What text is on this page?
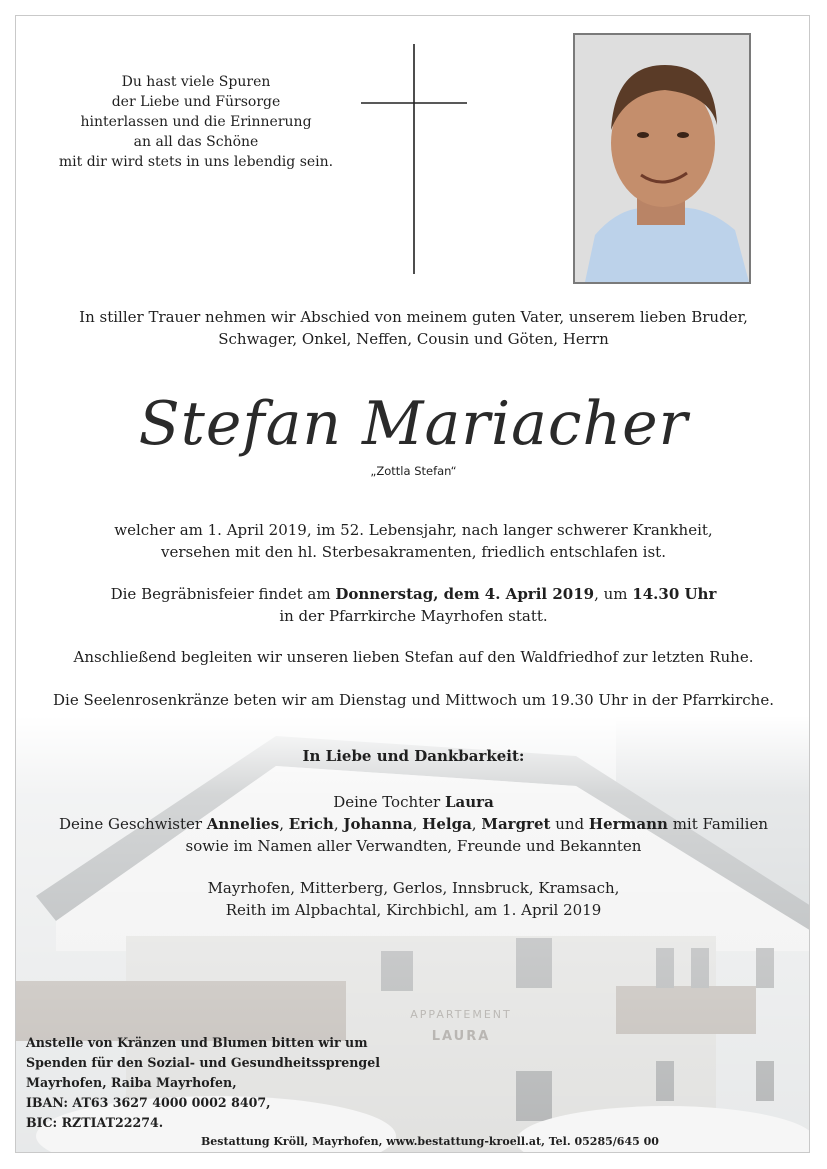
Du hast viele Spuren
der Liebe und Fürsorge
hinterlassen und die Erinnerung
an all das Schöne
mit dir wird stets in uns lebendig sein.
In stiller Trauer nehmen wir Abschied von meinem guten Vater, unserem lieben Bruder,
Schwager, Onkel, Neffen, Cousin und Göten, Herrn
Stefan Mariacher
„Zottla Stefan“
welcher am 1. April 2019, im 52. Lebensjahr, nach langer schwerer Krankheit,
versehen mit den hl. Sterbesakramenten, friedlich entschlafen ist.
Die Begräbnisfeier findet am Donnerstag, dem 4. April 2019, um 14.30 Uhr
in der Pfarrkirche Mayrhofen statt.
Anschließend begleiten wir unseren lieben Stefan auf den Waldfriedhof zur letzten Ruhe.
Die Seelenrosenkränze beten wir am Dienstag und Mittwoch um 19.30 Uhr in der Pfarrkirche.
In Liebe und Dankbarkeit:
Deine Tochter Laura
Deine Geschwister Annelies, Erich, Johanna, Helga, Margret und Hermann mit Familien
sowie im Namen aller Verwandten, Freunde und Bekannten
Mayrhofen, Mitterberg, Gerlos, Innsbruck, Kramsach,
Reith im Alpbachtal, Kirchbichl, am 1. April 2019
Anstelle von Kränzen und Blumen bitten wir um
Spenden für den Sozial- und Gesundheitssprengel
Mayrhofen, Raiba Mayrhofen,
IBAN: AT63 3627 4000 0002 8407,
BIC: RZTIAT22274.
Bestattung Kröll, Mayrhofen, www.bestattung-kroell.at, Tel. 05285/645 00
